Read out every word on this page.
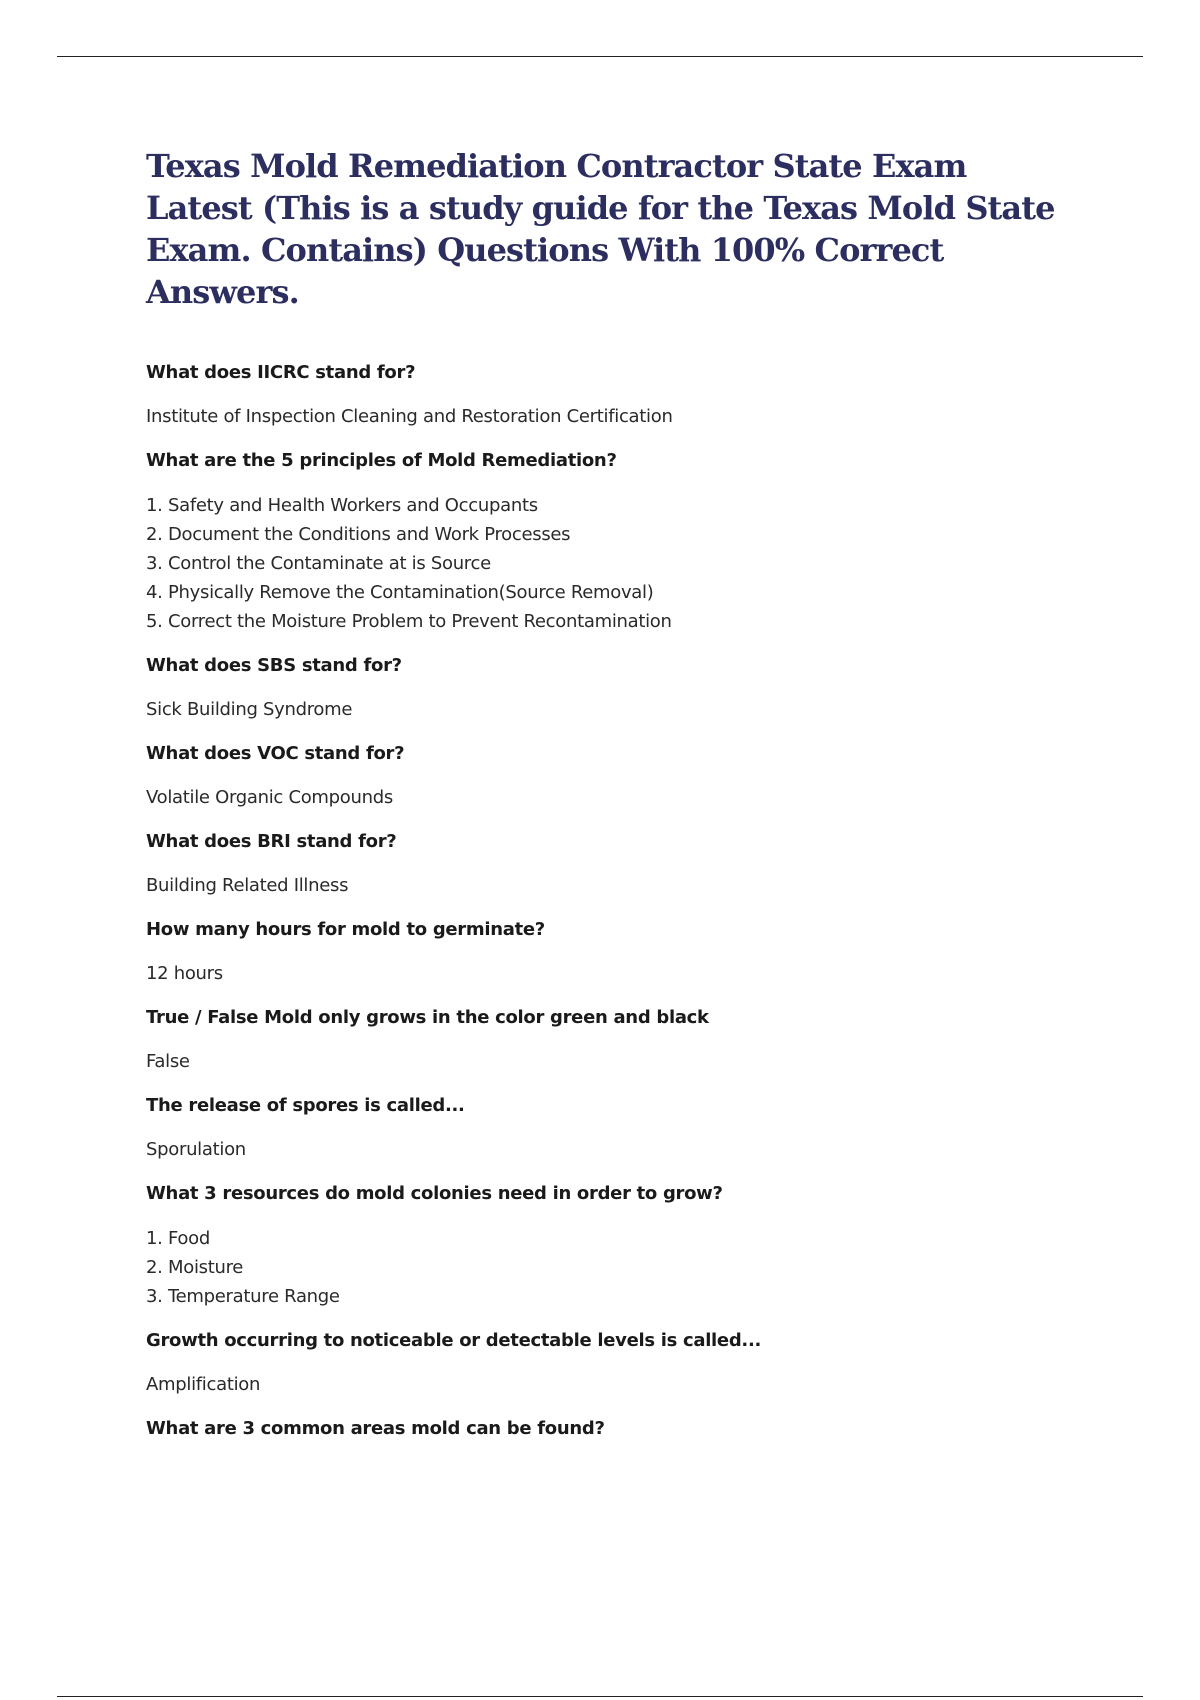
Texas Mold Remediation Contractor State Exam Latest (This is a study guide for the Texas Mold State Exam. Contains) Questions With 100% Correct Answers.

What does IICRC stand for?

Institute of Inspection Cleaning and Restoration Certification

What are the 5 principles of Mold Remediation?

1. Safety and Health Workers and Occupants
2. Document the Conditions and Work Processes
3. Control the Contaminate at is Source
4. Physically Remove the Contamination(Source Removal)
5. Correct the Moisture Problem to Prevent Recontamination

What does SBS stand for?

Sick Building Syndrome

What does VOC stand for?

Volatile Organic Compounds

What does BRI stand for?

Building Related Illness

How many hours for mold to germinate?

12 hours

True / False Mold only grows in the color green and black

False

The release of spores is called...

Sporulation

What 3 resources do mold colonies need in order to grow?

1. Food
2. Moisture
3. Temperature Range

Growth occurring to noticeable or detectable levels is called...

Amplification

What are 3 common areas mold can be found?
